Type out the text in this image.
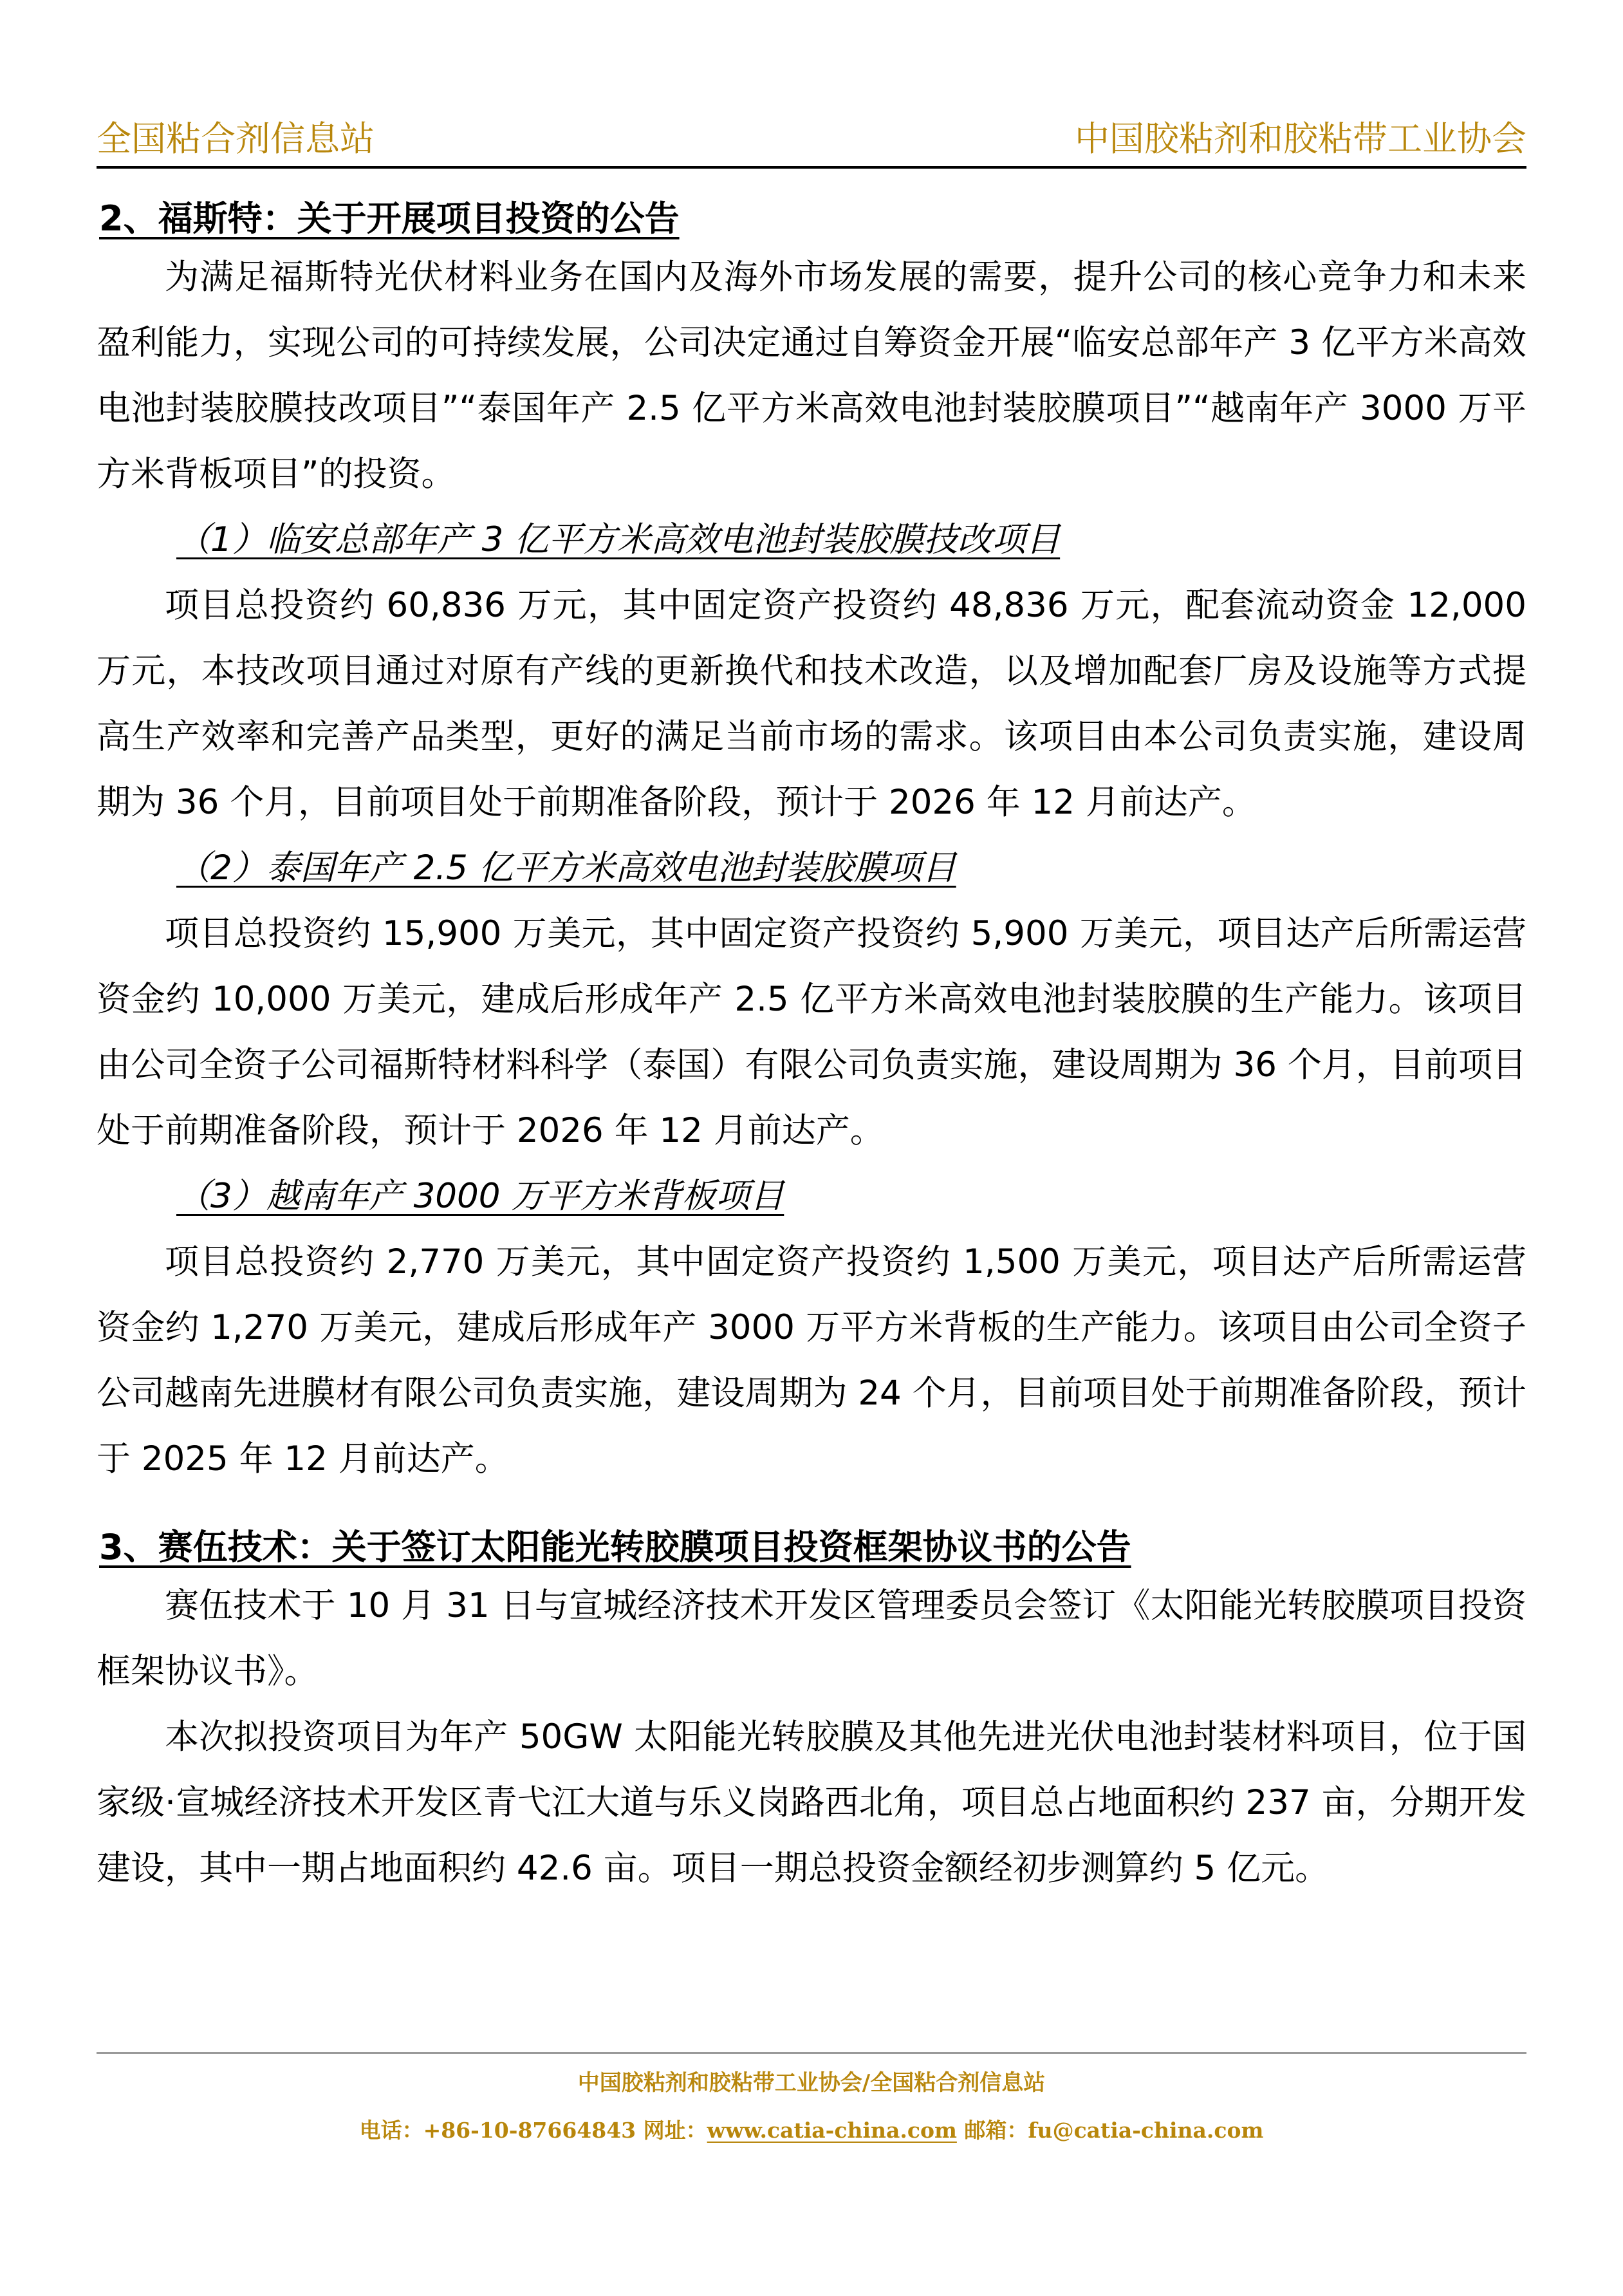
全国粘合剂信息站	中国胶粘剂和胶粘带工业协会
2、福斯特：关于开展项目投资的公告

为满足福斯特光伏材料业务在国内及海外市场发展的需要，提升公司的核心竞争力和未来盈利能力，实现公司的可持续发展，公司决定通过自筹资金开展“临安总部年产 3 亿平方米高效电池封装胶膜技改项目”“泰国年产 2.5 亿平方米高效电池封装胶膜项目”“越南年产 3000 万平方米背板项目”的投资。

（1）临安总部年产 3 亿平方米高效电池封装胶膜技改项目

项目总投资约 60,836 万元，其中固定资产投资约 48,836 万元，配套流动资金 12,000 万元，本技改项目通过对原有产线的更新换代和技术改造，以及增加配套厂房及设施等方式提高生产效率和完善产品类型，更好的满足当前市场的需求。该项目由本公司负责实施，建设周期为 36 个月，目前项目处于前期准备阶段，预计于 2026 年 12 月前达产。

（2）泰国年产 2.5 亿平方米高效电池封装胶膜项目

项目总投资约 15,900 万美元，其中固定资产投资约 5,900 万美元，项目达产后所需运营资金约 10,000 万美元，建成后形成年产 2.5 亿平方米高效电池封装胶膜的生产能力。该项目由公司全资子公司福斯特材料科学（泰国）有限公司负责实施，建设周期为 36 个月，目前项目处于前期准备阶段，预计于 2026 年 12 月前达产。

（3）越南年产 3000 万平方米背板项目

项目总投资约 2,770 万美元，其中固定资产投资约 1,500 万美元，项目达产后所需运营资金约 1,270 万美元，建成后形成年产 3000 万平方米背板的生产能力。该项目由公司全资子公司越南先进膜材有限公司负责实施，建设周期为 24 个月，目前项目处于前期准备阶段，预计于 2025 年 12 月前达产。

3、赛伍技术：关于签订太阳能光转胶膜项目投资框架协议书的公告

赛伍技术于 10 月 31 日与宣城经济技术开发区管理委员会签订《太阳能光转胶膜项目投资框架协议书》。

本次拟投资项目为年产 50GW 太阳能光转胶膜及其他先进光伏电池封装材料项目，位于国家级·宣城经济技术开发区青弋江大道与乐义岗路西北角，项目总占地面积约 237 亩，分期开发建设，其中一期占地面积约 42.6 亩。项目一期总投资金额经初步测算约 5 亿元。

中国胶粘剂和胶粘带工业协会/全国粘合剂信息站
电话：+86-10-87664843 网址：www.catia-china.com 邮箱：fu@catia-china.com
